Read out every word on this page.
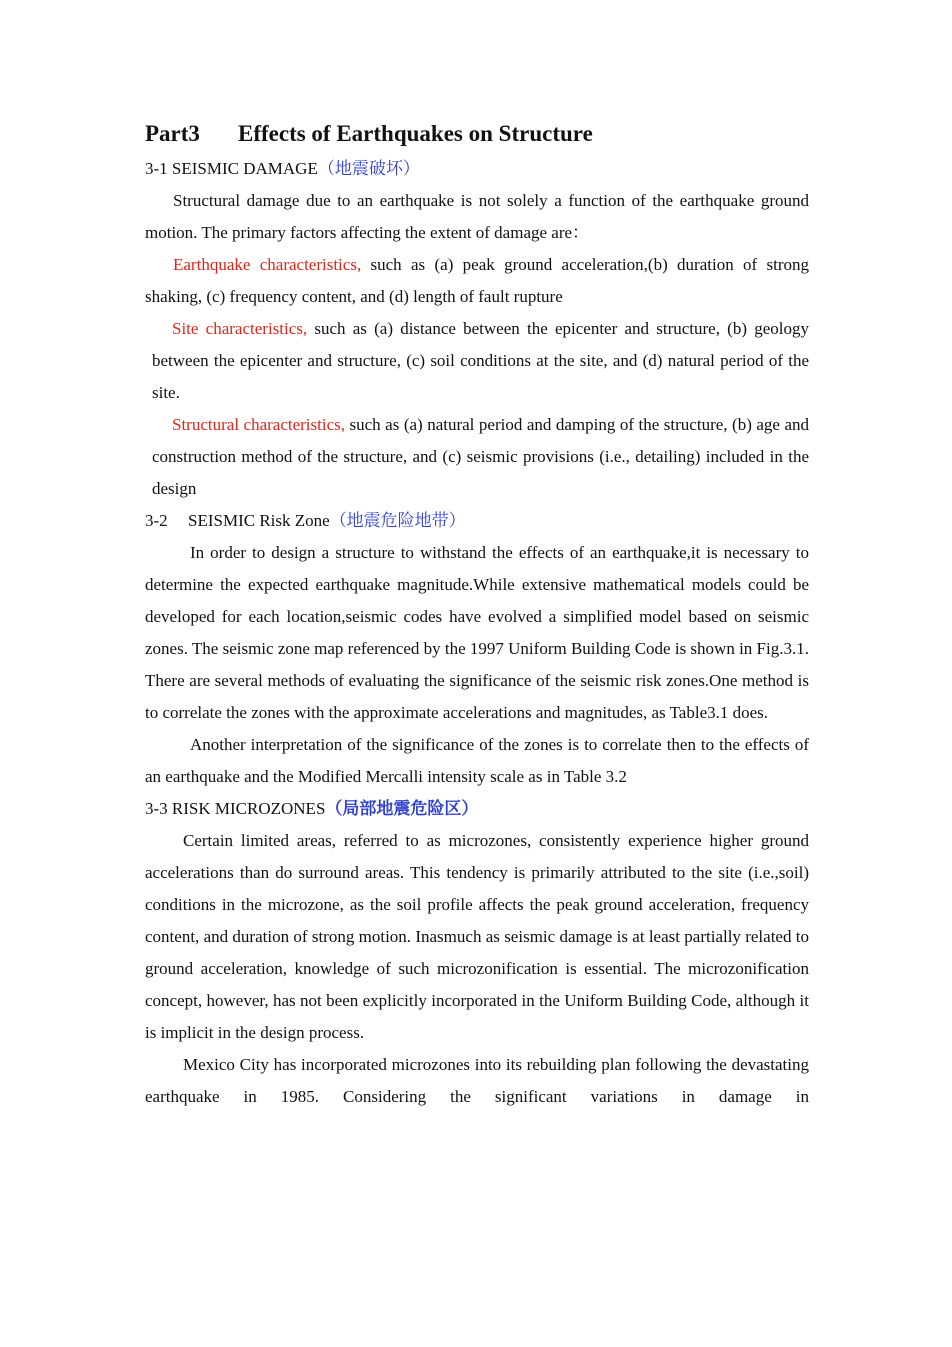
Part3 Effects of Earthquakes on Structure
3-1 SEISMIC DAMAGE（地震破坏）

Structural damage due to an earthquake is not solely a function of the earthquake ground motion. The primary factors affecting the extent of damage are：

Earthquake characteristics, such as (a) peak ground acceleration,(b) duration of strong shaking, (c) frequency content, and (d) length of fault rupture

Site characteristics, such as (a) distance between the epicenter and structure, (b) geology between the epicenter and structure, (c) soil conditions at the site, and (d) natural period of the site.

Structural characteristics, such as (a) natural period and damping of the structure, (b) age and construction method of the structure, and (c) seismic provisions (i.e., detailing) included in the design

3-2 SEISMIC Risk Zone（地震危险地带）

In order to design a structure to withstand the effects of an earthquake,it is necessary to determine the expected earthquake magnitude.While extensive mathematical models could be developed for each location,seismic codes have evolved a simplified model based on seismic zones. The seismic zone map referenced by the 1997 Uniform Building Code is shown in Fig.3.1.

There are several methods of evaluating the significance of the seismic risk zones.One method is to correlate the zones with the approximate accelerations and magnitudes, as Table3.1 does.

Another interpretation of the significance of the zones is to correlate then to the effects of an earthquake and the Modified Mercalli intensity scale as in Table 3.2

3-3 RISK MICROZONES（局部地震危险区）

Certain limited areas, referred to as microzones, consistently experience higher ground accelerations than do surround areas. This tendency is primarily attributed to the site (i.e.,soil) conditions in the microzone, as the soil profile affects the peak ground acceleration, frequency content, and duration of strong motion. Inasmuch as seismic damage is at least partially related to ground acceleration, knowledge of such microzonification is essential. The microzonification concept, however, has not been explicitly incorporated in the Uniform Building Code, although it is implicit in the design process.

Mexico City has incorporated microzones into its rebuilding plan following the devastating earthquake in 1985. Considering the significant variations in damage in
